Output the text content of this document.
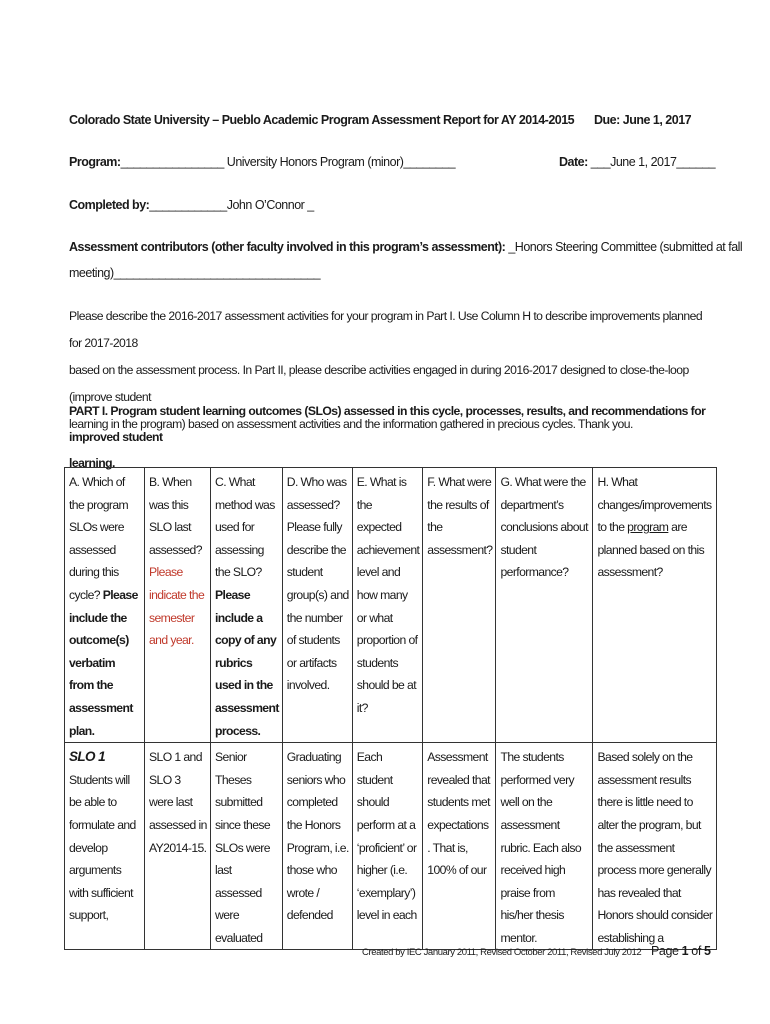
Colorado State University – Pueblo Academic Program Assessment Report for AY 2014-2015 Due: June 1, 2017
Program:________________ University Honors Program (minor)________	Date: ___June 1, 2017______
Completed by:____________John O’Connor _
Assessment contributors (other faculty involved in this program’s assessment): _Honors Steering Committee (submitted at fall
meeting)________________________________
Please describe the 2016-2017 assessment activities for your program in Part I. Use Column H to describe improvements planned for 2017-2018
based on the assessment process. In Part II, please describe activities engaged in during 2016-2017 designed to close-the-loop (improve student
learning in the program) based on assessment activities and the information gathered in precious cycles. Thank you.
PART I. Program student learning outcomes (SLOs) assessed in this cycle, processes, results, and recommendations for improved student
learning.
A. Which of the program SLOs were assessed during this cycle? Please include the outcome(s) verbatim from the assessment plan.	B. When was this SLO last assessed? Please indicate the semester and year.	C. What method was used for assessing the SLO? Please include a copy of any rubrics used in the assessment process.	D. Who was assessed? Please fully describe the student group(s) and the number of students or artifacts involved.	E. What is the expected achievement level and how many or what proportion of students should be at it?	F. What were the results of the assessment?	G. What were the department’s conclusions about student performance?	H. What changes/improvements to the program are planned based on this assessment?

SLO 1
Students will be able to formulate and develop arguments with sufficient support,	SLO 1 and SLO 3 were last assessed in AY2014-15.	Senior Theses submitted since these SLOs were last assessed were evaluated	Graduating seniors who completed the Honors Program, i.e. those who wrote / defended	Each student should perform at a ‘proficient’ or higher (i.e. ‘exemplary’) level in each	Assessment revealed that students met expectations . That is, 100% of our	The students performed very well on the assessment rubric. Each also received high praise from his/her thesis mentor.	Based solely on the assessment results there is little need to alter the program, but the assessment process more generally has revealed that Honors should consider establishing a
Created by IEC January 2011, Revised October 2011, Revised July 2012 Page 1 of 5
